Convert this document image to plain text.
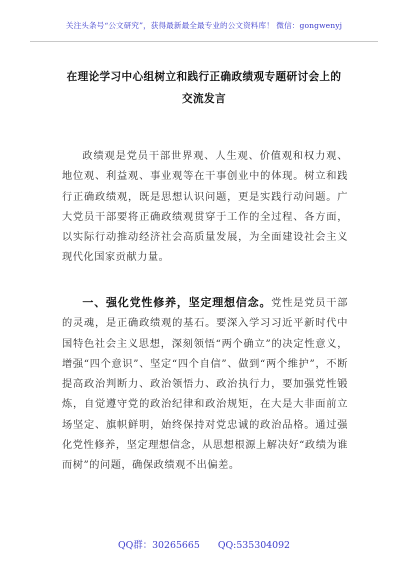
关注头条号“公文研究”，获得最新最全最专业的公文资料库！ 微信：gongwenyj
在理论学习中心组树立和践行正确政绩观专题研讨会上的
交流发言
政绩观是党员干部世界观、人生观、价值观和权力观、地位观、利益观、事业观等在干事创业中的体现。树立和践行正确政绩观，既是思想认识问题，更是实践行动问题。广大党员干部要将正确政绩观贯穿于工作的全过程、各方面，以实际行动推动经济社会高质量发展，为全面建设社会主义现代化国家贡献力量。
一、强化党性修养，坚定理想信念。党性是党员干部的灵魂，是正确政绩观的基石。要深入学习习近平新时代中国特色社会主义思想，深刻领悟“两个确立”的决定性意义，增强“四个意识”、坚定“四个自信”、做到“两个维护”，不断提高政治判断力、政治领悟力、政治执行力，要加强党性锻炼，自觉遵守党的政治纪律和政治规矩，在大是大非面前立场坚定、旗帜鲜明，始终保持对党忠诚的政治品格。通过强化党性修养，坚定理想信念，从思想根源上解决好“政绩为谁而树”的问题，确保政绩观不出偏差。
QQ群：30265665 QQ:535304092
